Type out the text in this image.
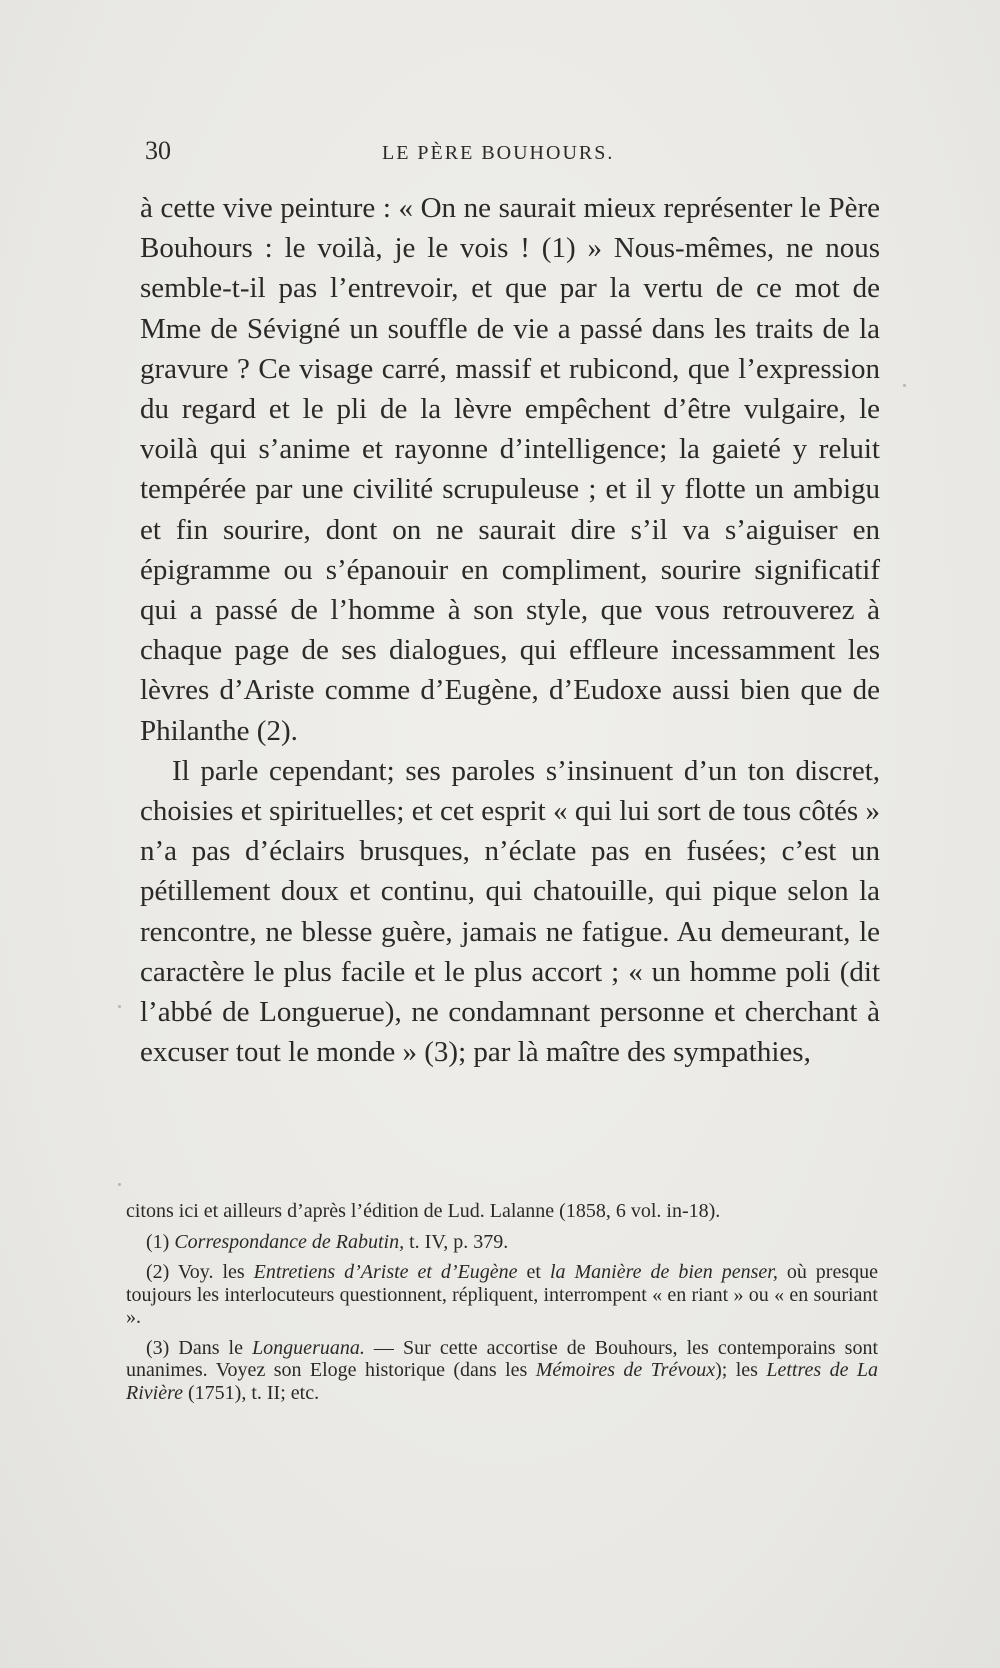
30	LE PÈRE BOUHOURS.

à cette vive peinture : « On ne saurait mieux représenter le Père Bouhours : le voilà, je le vois ! (1) » Nous-mêmes, ne nous semble-t-il pas l’entrevoir, et que par la vertu de ce mot de Mme de Sévigné un souffle de vie a passé dans les traits de la gravure ? Ce visage carré, massif et rubicond, que l’expression du regard et le pli de la lèvre empêchent d’être vulgaire, le voilà qui s’anime et rayonne d’intelligence; la gaieté y reluit tempérée par une civilité scrupuleuse ; et il y flotte un ambigu et fin sourire, dont on ne saurait dire s’il va s’aiguiser en épigramme ou s’épanouir en compliment, sourire significatif qui a passé de l’homme à son style, que vous retrouverez à chaque page de ses dialogues, qui effleure incessamment les lèvres d’Ariste comme d’Eugène, d’Eudoxe aussi bien que de Philanthe (2).

Il parle cependant; ses paroles s’insinuent d’un ton discret, choisies et spirituelles; et cet esprit « qui lui sort de tous côtés » n’a pas d’éclairs brusques, n’éclate pas en fusées; c’est un pétillement doux et continu, qui chatouille, qui pique selon la rencontre, ne blesse guère, jamais ne fatigue. Au demeurant, le caractère le plus facile et le plus accort ; « un homme poli (dit l’abbé de Longuerue), ne condamnant personne et cherchant à excuser tout le monde » (3); par là maître des sympathies,

citons ici et ailleurs d’après l’édition de Lud. Lalanne (1858, 6 vol. in-18).

(1) Correspondance de Rabutin, t. IV, p. 379.

(2) Voy. les Entretiens d’Ariste et d’Eugène et la Manière de bien penser, où presque toujours les interlocuteurs questionnent, répliquent, interrompent « en riant » ou « en souriant ».

(3) Dans le Longueruana. — Sur cette accortise de Bouhours, les contemporains sont unanimes. Voyez son Eloge historique (dans les Mémoires de Trévoux); les Lettres de La Rivière (1751), t. II; etc.
